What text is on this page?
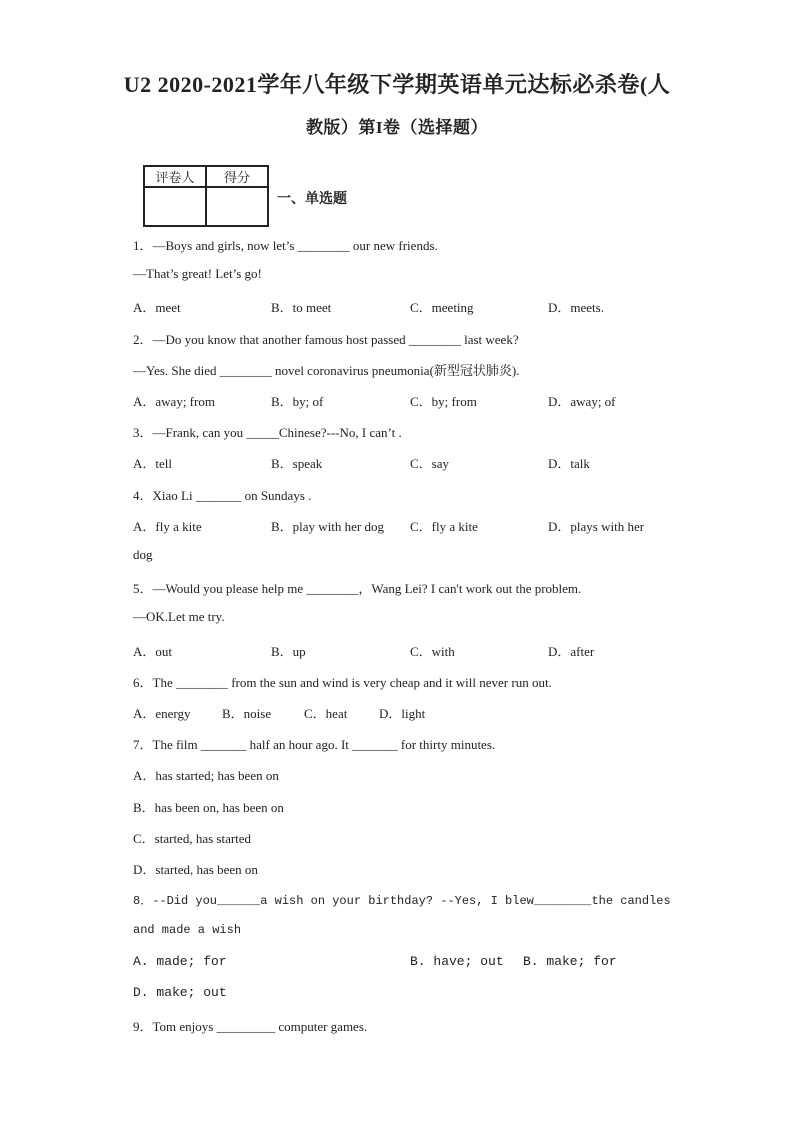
U2 2020-2021学年八年级下学期英语单元达标必杀卷(人
教版）第I卷（选择题）
评卷人	得分

一、单选题
1．—Boys and girls, now let’s ________ our new friends.
—That’s great! Let’s go!
A．meet	B．to meet	C．meeting	D．meets.
2．—Do you know that another famous host passed ________ last week?
—Yes. She died ________ novel coronavirus pneumonia(新型冠状肺炎).
A．away; from	B．by; of	C．by; from	D．away; of
3．—Frank, can you _____Chinese?---No, I can’t .
A．tell	B．speak	C．say	D．talk
4．Xiao Li _______ on Sundays .
A．fly a kite	B．play with her dog C．fly a kite	D．plays with her
dog
5．—Would you please help me ________，Wang Lei? I can't work out the problem.
—OK.Let me try.
A．out	B．up	C．with	D．after
6．The ________ from the sun and wind is very cheap and it will never run out.
A．energy B．noise	C．heat D．light
7．The film _______ half an hour ago. It _______ for thirty minutes.
A．has started; has been on
B．has been on, has been on
C．started, has started
D．started, has been on
8．--Did you______a wish on your birthday? --Yes, I blew________the candles
and made a wish
A. made; for	B. have; out B. make; for
D. make; out
9．Tom enjoys _________ computer games.
